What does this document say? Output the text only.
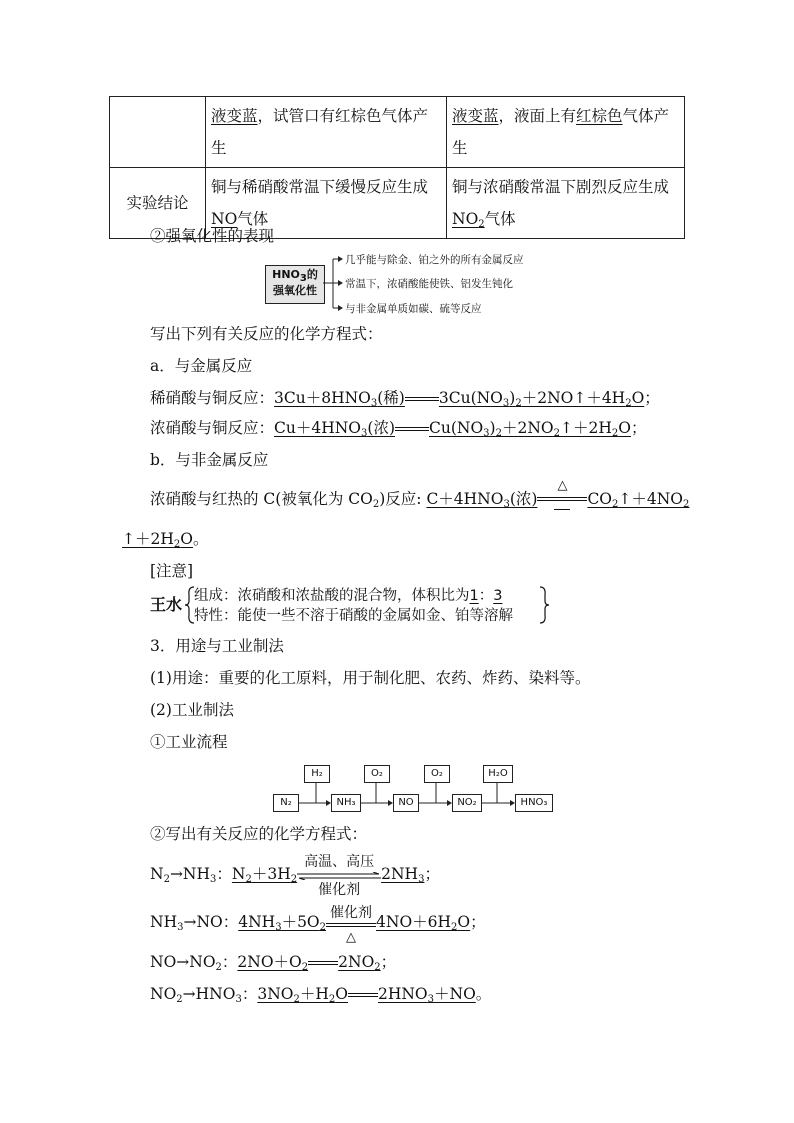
	液变蓝，试管口有红棕色气体产生	液变蓝，液面上有红棕色气体产生
实验结论	铜与稀硝酸常温下缓慢反应生成NO气体	铜与浓硝酸常温下剧烈反应生成$NO_2$气体
②强氧化性的表现
$HNO_3$的
强氧化性
几乎能与除金、铂之外的所有金属反应
常温下，浓硝酸能使铁、铝发生钝化
与非金属单质如碳、硫等反应
写出下列有关反应的化学方程式：
a．与金属反应
稀硝酸与铜反应：$3Cu+8HNO_3$(稀) $3Cu(NO_3)_2+2NO↑+4H_2O$；
浓硝酸与铜反应：$Cu+4HNO_3$(浓) $Cu(NO_3)_2+2NO_2↑+2H_2O$；
b．与非金属反应
浓硝酸与红热的 C(被氧化为 $CO_2$)反应: $C+4HNO_3$(浓)
△
$CO_2↑+4NO_2$
$↑+2H_2O$。
[注意]
王水 组成：浓硝酸和浓盐酸的混合物，体积比为1：3
特性：能使一些不溶于硝酸的金属如金、铂等溶解
3．用途与工业制法
(1)用途：重要的化工原料，用于制化肥、农药、炸药、染料等。
(2)工业制法
①工业流程
H₂	O₂	O₂	H₂O
N₂	NH₃	NO	NO₂	HNO₃
②写出有关反应的化学方程式：
$N_2\to NH_3$：$N_2+3H_2$
高温、高压
催化剂
$2NH_3$；
$NH_3\to NO$：$4NH_3+5O_2$
催化剂
△
$4NO+6H_2O$；
$NO\to NO_2$：$2NO+O_2$ $2NO_2$；
$NO_2\to HNO_3$：$3NO_2+H_2O$ $2HNO_3+NO$。
